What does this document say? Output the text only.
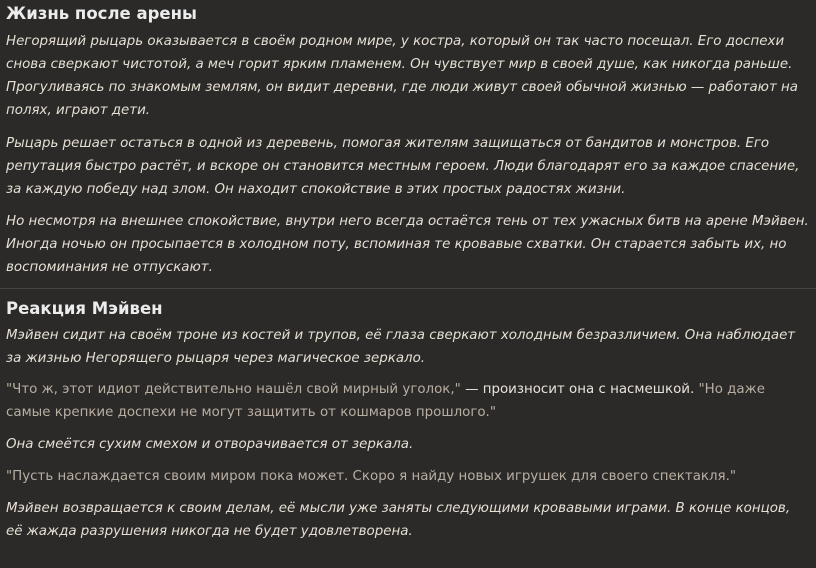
Жизнь после арены

Негорящий рыцарь оказывается в своём родном мире, у костра, который он так часто посещал. Его доспехи снова сверкают чистотой, а меч горит ярким пламенем. Он чувствует мир в своей душе, как никогда раньше. Прогуливаясь по знакомым землям, он видит деревни, где люди живут своей обычной жизнью — работают на полях, играют дети.

Рыцарь решает остаться в одной из деревень, помогая жителям защищаться от бандитов и монстров. Его репутация быстро растёт, и вскоре он становится местным героем. Люди благодарят его за каждое спасение, за каждую победу над злом. Он находит спокойствие в этих простых радостях жизни.

Но несмотря на внешнее спокойствие, внутри него всегда остаётся тень от тех ужасных битв на арене Мэйвен. Иногда ночью он просыпается в холодном поту, вспоминая те кровавые схватки. Он старается забыть их, но воспоминания не отпускают.

Реакция Мэйвен

Мэйвен сидит на своём троне из костей и трупов, её глаза сверкают холодным безразличием. Она наблюдает за жизнью Негорящего рыцаря через магическое зеркало.

"Что ж, этот идиот действительно нашёл свой мирный уголок," — произносит она с насмешкой. "Но даже самые крепкие доспехи не могут защитить от кошмаров прошлого."

Она смеётся сухим смехом и отворачивается от зеркала.

"Пусть наслаждается своим миром пока может. Скоро я найду новых игрушек для своего спектакля."

Мэйвен возвращается к своим делам, её мысли уже заняты следующими кровавыми играми. В конце концов, её жажда разрушения никогда не будет удовлетворена.
